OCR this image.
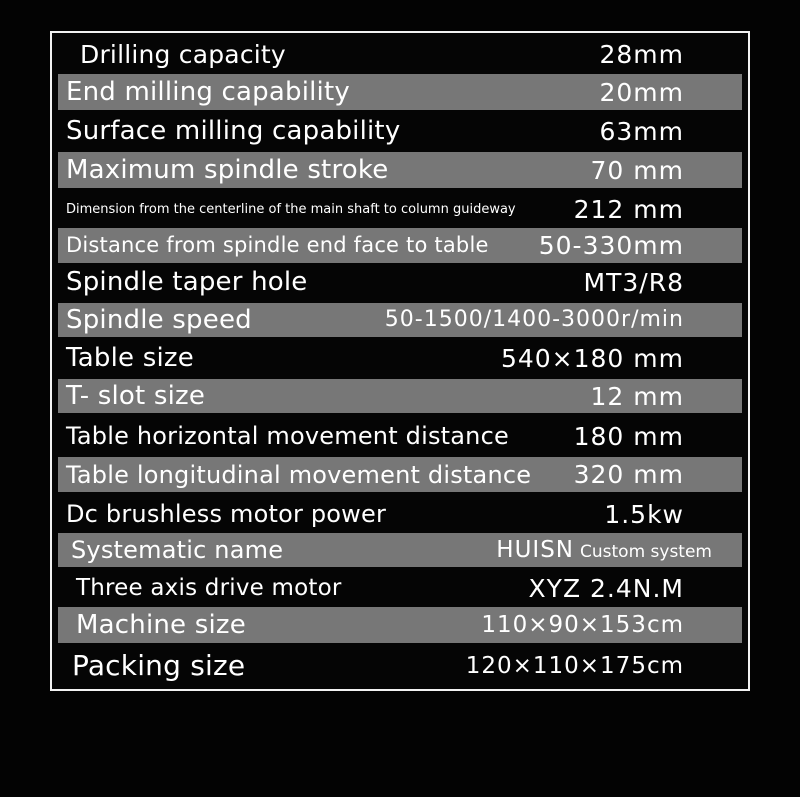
Drilling capacity	28mm
End milling capability	20mm
Surface milling capability	63mm
Maximum spindle stroke	70 mm
Dimension from the centerline of the main shaft to column guideway 212 mm
Distance from spindle end face to table 50-330mm
Spindle taper hole	MT3/R8
Spindle speed	50-1500/1400-3000r/min
Table size	540×180 mm
T- slot size	12 mm
Table horizontal movement distance	180 mm
Table longitudinal movement distance 320 mm
Dc brushless motor power	1.5kw
Systematic name	HUISN Custom system
Three axis drive motor	XYZ 2.4N.M
Machine size	110×90×153cm
Packing size	120×110×175cm
